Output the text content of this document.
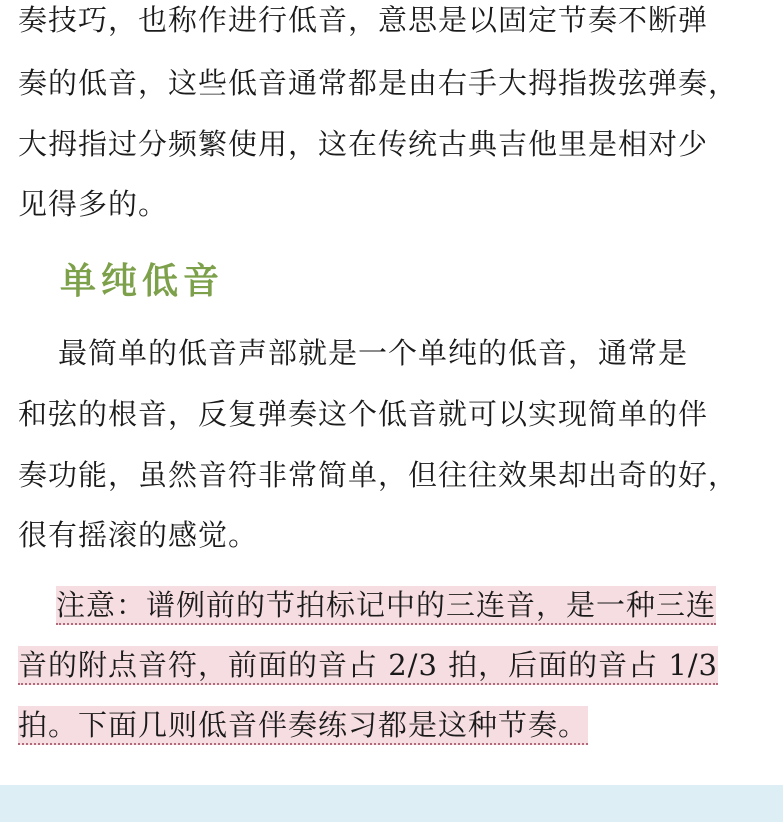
奏技巧，也称作进行低音，意思是以固定节奏不断弹
奏的低音，这些低音通常都是由右手大拇指拨弦弹奏，
大拇指过分频繁使用，这在传统古典吉他里是相对少
见得多的。
单纯低音
最简单的低音声部就是一个单纯的低音，通常是
和弦的根音，反复弹奏这个低音就可以实现简单的伴
奏功能，虽然音符非常简单，但往往效果却出奇的好，
很有摇滚的感觉。
注意：谱例前的节拍标记中的三连音，是一种三连
音的附点音符，前面的音占 2/3 拍，后面的音占 1/3
拍。下面几则低音伴奏练习都是这种节奏。
